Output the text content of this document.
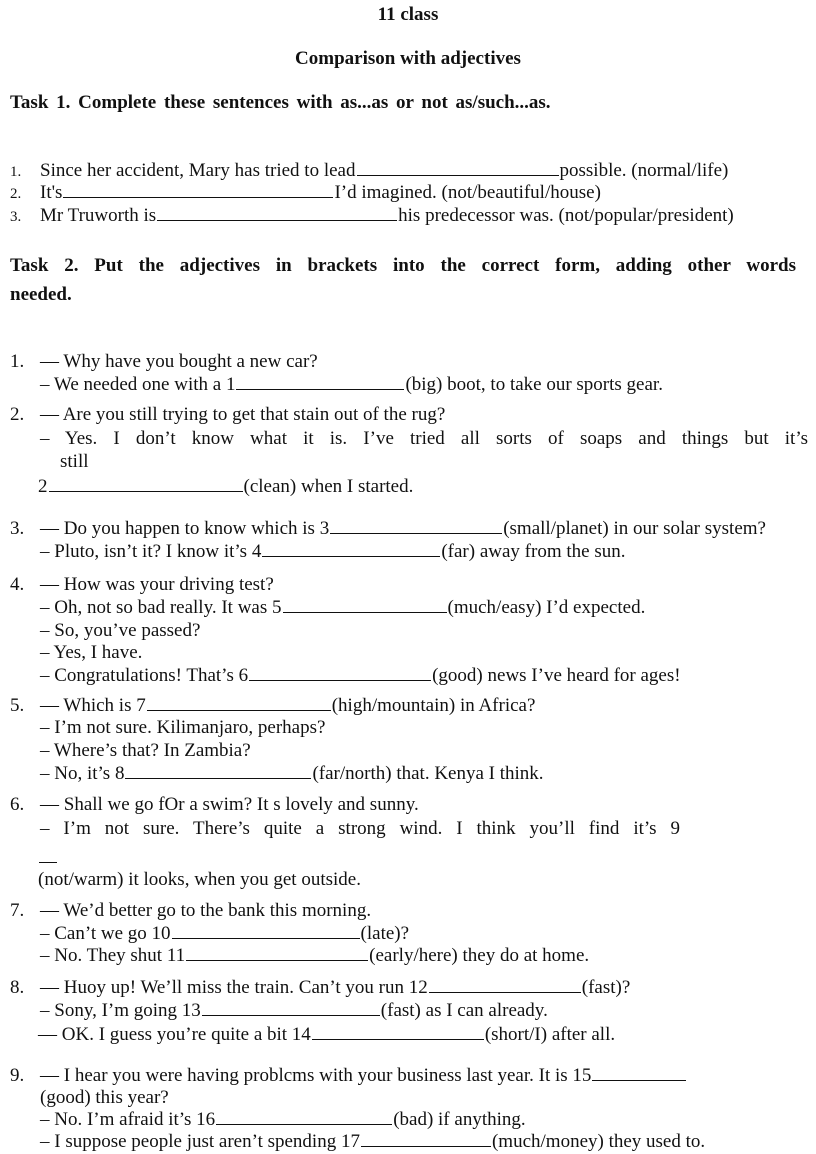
11 class
Comparison with adjectives
Task 1. Complete these sentences with as...as or not as/such...as.
1. Since her accident, Mary has tried to lead	possible. (normal/life)
2. It's	I’d imagined. (not/beautiful/house)
3. Mr Truworth is	his predecessor was. (not/popular/president)
Task 2. Put the adjectives in brackets into the correct form, adding other words
needed.
1. — Why have you bought a new car?
– We needed one with a 1	(big) boot, to take our sports gear.
2. — Are you still trying to get that stain out of the rug?
– Yes. I don’t know what it is. I’ve tried all sorts of soaps and things but it’s
still
2	(clean) when I started.
3. — Do you happen to know which is 3	(small/planet) in our solar system?
– Pluto, isn’t it? I know it’s 4	(far) away from the sun.
4. — How was your driving test?
– Oh, not so bad really. It was 5	(much/easy) I’d expected.
– So, you’ve passed?
– Yes, I have.
– Congratulations! That’s 6	(good) news I’ve heard for ages!
5. — Which is 7	(high/mountain) in Africa?
– I’m not sure. Kilimanjaro, perhaps?
– Where’s that? In Zambia?
– No, it’s 8	(far/north) that. Kenya I think.
6. — Shall we go fOr a swim? It s lovely and sunny.
– I’m not sure. There’s quite a strong wind. I think you’ll find it’s 9
(not/warm) it looks, when you get outside.
7. — We’d better go to the bank this morning.
– Can’t we go 10	(late)?
– No. They shut 11	(early/here) they do at home.
8. — Huoy up! We’ll miss the train. Can’t you run 12	(fast)?
– Sony, I’m going 13	(fast) as I can already.
— OK. I guess you’re quite a bit 14	(short/I) after all.
9. — I hear you were having problcms with your business last year. It is 15
(good) this year?
– No. I’m afraid it’s 16	(bad) if anything.
– I suppose people just aren’t spending 17	(much/money) they used to.
